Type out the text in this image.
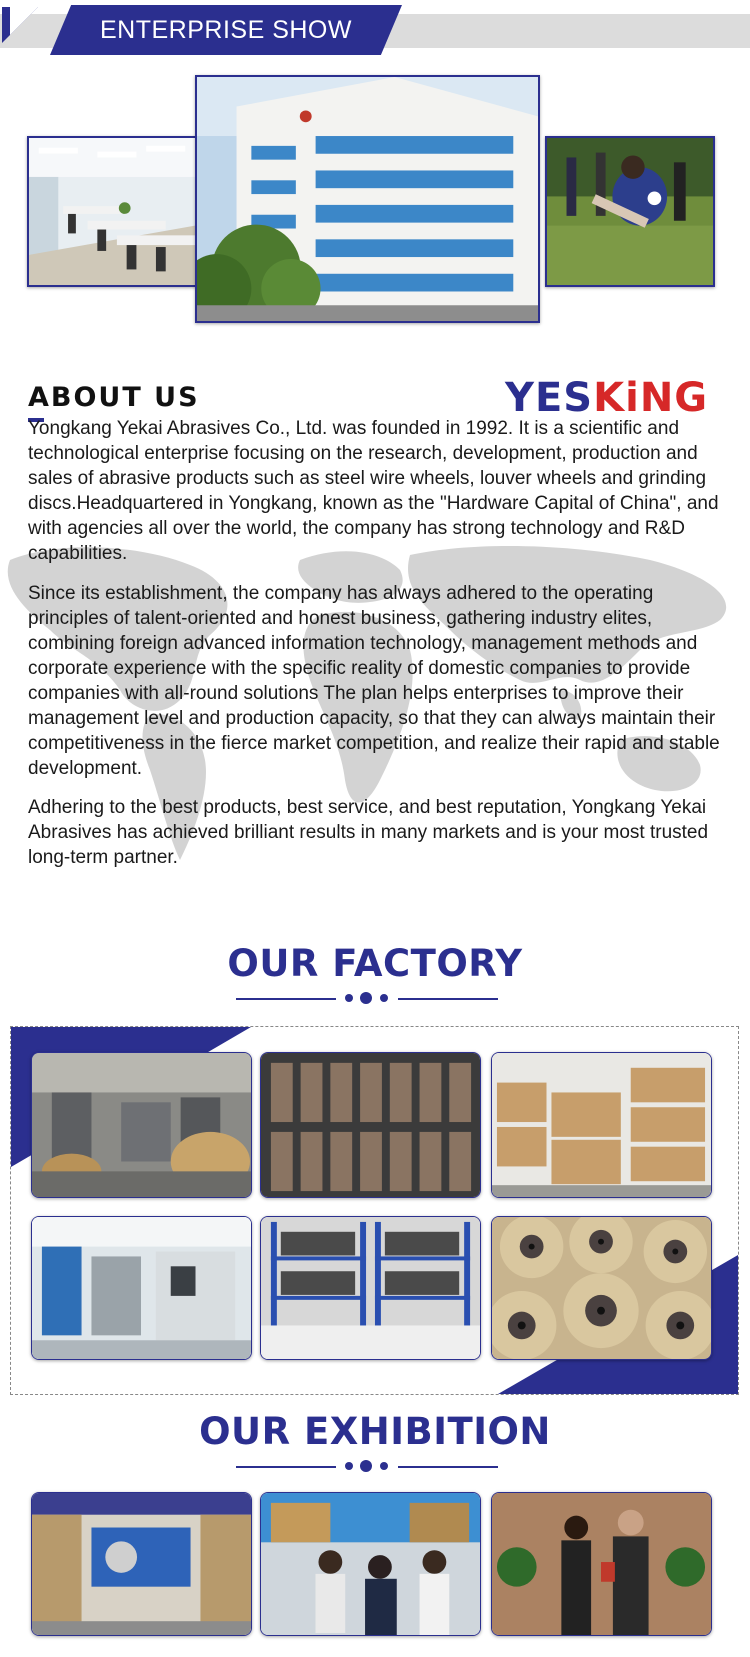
ENTERPRISE SHOW
ABOUT US	YESKiNG

Yongkang Yekai Abrasives Co., Ltd. was founded in 1992. It is a scientific and technological enterprise focusing on the research, development, production and sales of abrasive products such as steel wire wheels, louver wheels and grinding discs.Headquartered in Yongkang, known as the "Hardware Capital of China", and with agencies all over the world, the company has strong technology and R&D capabilities.

Since its establishment, the company has always adhered to the operating principles of talent-oriented and honest business, gathering industry elites, combining foreign advanced information technology, management methods and corporate experience with the specific reality of domestic companies to provide companies with all-round solutions The plan helps enterprises to improve their management level and production capacity, so that they can always maintain their competitiveness in the fierce market competition, and realize their rapid and stable development.

Adhering to the best products, best service, and best reputation, Yongkang Yekai Abrasives has achieved brilliant results in many markets and is your most trusted long-term partner.

OUR FACTORY
OUR EXHIBITION
